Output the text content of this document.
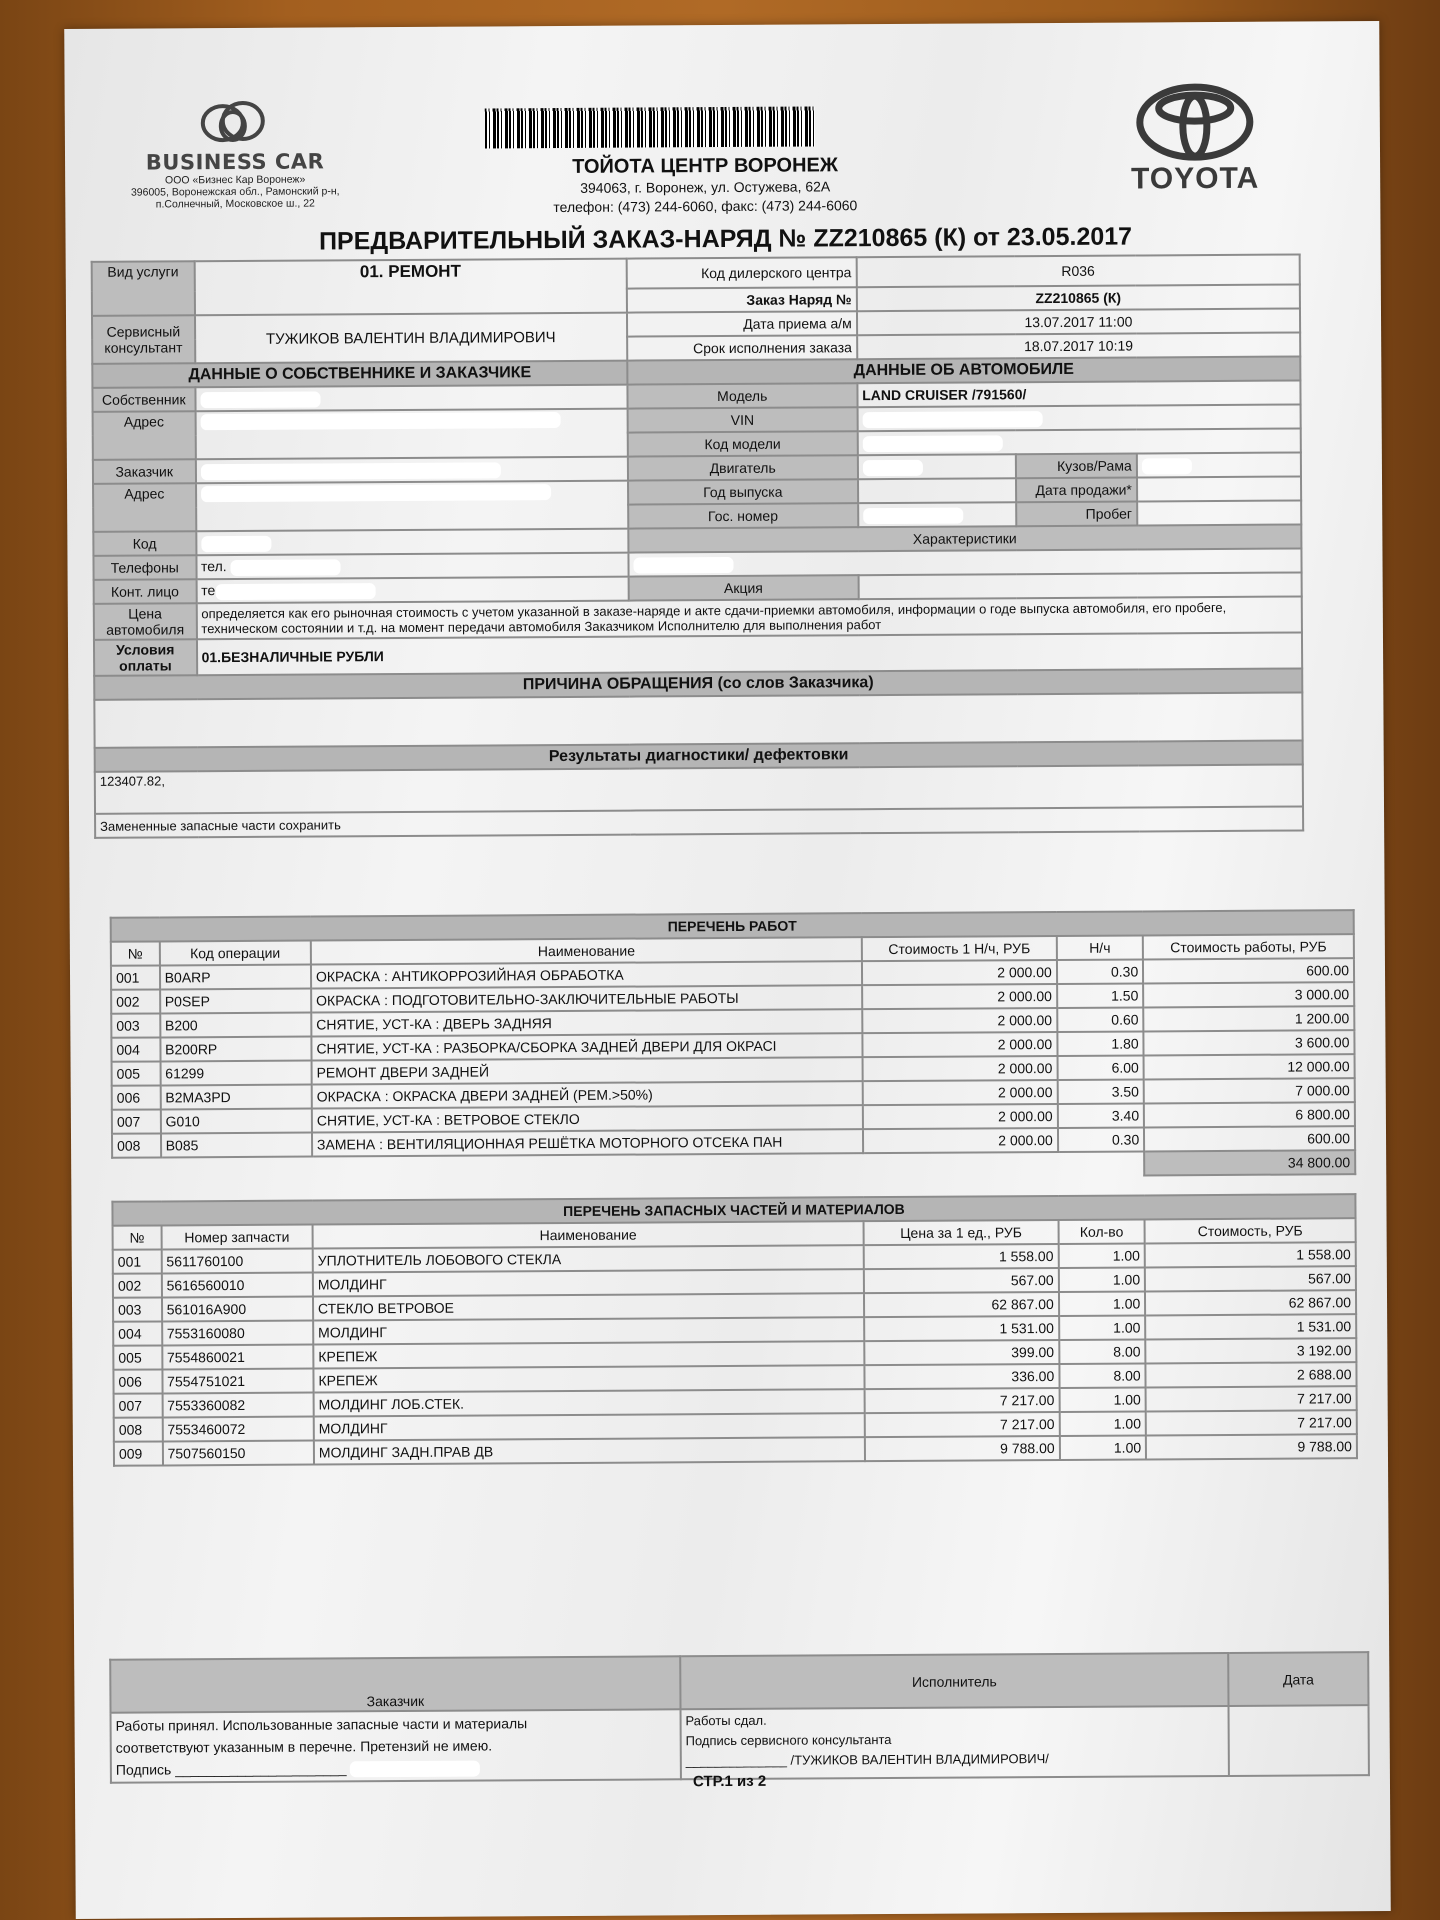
BUSINESS CAR
ООО «Бизнес Кар Воронеж»
396005, Воронежская обл., Рамонский р-н,
п.Солнечный, Московское ш., 22
ТОЙОТА ЦЕНТР ВОРОНЕЖ
394063, г. Воронеж, ул. Остужева, 62А
телефон: (473) 244-6060, факс: (473) 244-6060
TOYOTA
ПРЕДВАРИТЕЛЬНЫЙ ЗАКАЗ-НАРЯД № ZZ210865 (К) от 23.05.2017
Вид услуги	01. РЕМОНТ	Код дилерского центра	R036		
		Заказ Наряд №	ZZ210865 (К)		
Сервисный консультант	ТУЖИКОВ ВАЛЕНТИН ВЛАДИМИРОВИЧ	Дата приема а/м	13.07.2017 11:00		
		Срок исполнения заказа	18.07.2017 10:19		
ДАННЫЕ О СОБСТВЕННИКЕ И ЗАКАЗЧИКЕ		ДАННЫЕ ОБ АВТОМОБИЛЕ			
Собственник		Модель	LAND CRUISER /791560/		
Адрес		VIN			
		Код модели			
Заказчик		Двигатель		Кузов/Рама	
Адрес		Год выпуска		Дата продажи*	
		Гос. номер		Пробег	
Код		Характеристики			
Телефоны	тел.				
Конт. лицо	те	Акция			
Цена автомобиля	определяется как его рыночная стоимость с учетом указанной в заказе-наряде и акте сдачи-приемки автомобиля, информации о годе выпуска автомобиля, его пробеге, техническом состоянии и т.д. на момент передачи автомобиля Заказчиком Исполнителю для выполнения работ				
Условия оплаты	01.БЕЗНАЛИЧНЫЕ РУБЛИ				
ПРИЧИНА ОБРАЩЕНИЯ (со слов Заказчика)					

Результаты диагностики/ дефектовки					
123407.82,					
Замененные запасные части сохранить					
ПЕРЕЧЕНЬ РАБОТ					
№	Код операции	Наименование	Стоимость 1 Н/ч, РУБ	Н/ч	Стоимость работы, РУБ
001	B0ARP	ОКРАСКА : АНТИКОРРОЗИЙНАЯ ОБРАБОТКА	2 000.00	0.30	600.00
002	P0SEP	ОКРАСКА : ПОДГОТОВИТЕЛЬНО-ЗАКЛЮЧИТЕЛЬНЫЕ РАБОТЫ	2 000.00	1.50	3 000.00
003	B200	СНЯТИЕ, УСТ-КА : ДВЕРЬ ЗАДНЯЯ	2 000.00	0.60	1 200.00
004	B200RP	СНЯТИЕ, УСТ-КА : РАЗБОРКА/СБОРКА ЗАДНЕЙ ДВЕРИ ДЛЯ ОКРАСІ	2 000.00	1.80	3 600.00
005	61299	РЕМОНТ ДВЕРИ ЗАДНЕЙ	2 000.00	6.00	12 000.00
006	B2MA3PD	ОКРАСКА : ОКРАСКА ДВЕРИ ЗАДНЕЙ (РЕМ.>50%)	2 000.00	3.50	7 000.00
007	G010	СНЯТИЕ, УСТ-КА : ВЕТРОВОЕ СТЕКЛО	2 000.00	3.40	6 800.00
008	B085	ЗАМЕНА : ВЕНТИЛЯЦИОННАЯ РЕШЁТКА МОТОРНОГО ОТСЕКА ПАН	2 000.00	0.30	600.00
					34 800.00
ПЕРЕЧЕНЬ ЗАПАСНЫХ ЧАСТЕЙ И МАТЕРИАЛОВ					
№	Номер запчасти	Наименование	Цена за 1 ед., РУБ	Кол-во	Стоимость, РУБ
001	5611760100	УПЛОТНИТЕЛЬ ЛОБОВОГО СТЕКЛА	1 558.00	1.00	1 558.00
002	5616560010	МОЛДИНГ	567.00	1.00	567.00
003	561016A900	СТЕКЛО ВЕТРОВОЕ	62 867.00	1.00	62 867.00
004	7553160080	МОЛДИНГ	1 531.00	1.00	1 531.00
005	7554860021	КРЕПЕЖ	399.00	8.00	3 192.00
006	7554751021	КРЕПЕЖ	336.00	8.00	2 688.00
007	7553360082	МОЛДИНГ ЛОБ.СТЕК.	7 217.00	1.00	7 217.00
008	7553460072	МОЛДИНГ	7 217.00	1.00	7 217.00
009	7507560150	МОЛДИНГ ЗАДН.ПРАВ ДВ	9 788.00	1.00	9 788.00
Заказчик	Исполнитель	Дата

Работы принял. Использованные запасные части и материалы
соответствуют указанным в перечне. Претензий не имею.
Подпись ______________________

Работы сдал.
Подпись сервисного консультанта
______________ /ТУЖИКОВ ВАЛЕНТИН ВЛАДИМИРОВИЧ/

СТР.1 из 2
